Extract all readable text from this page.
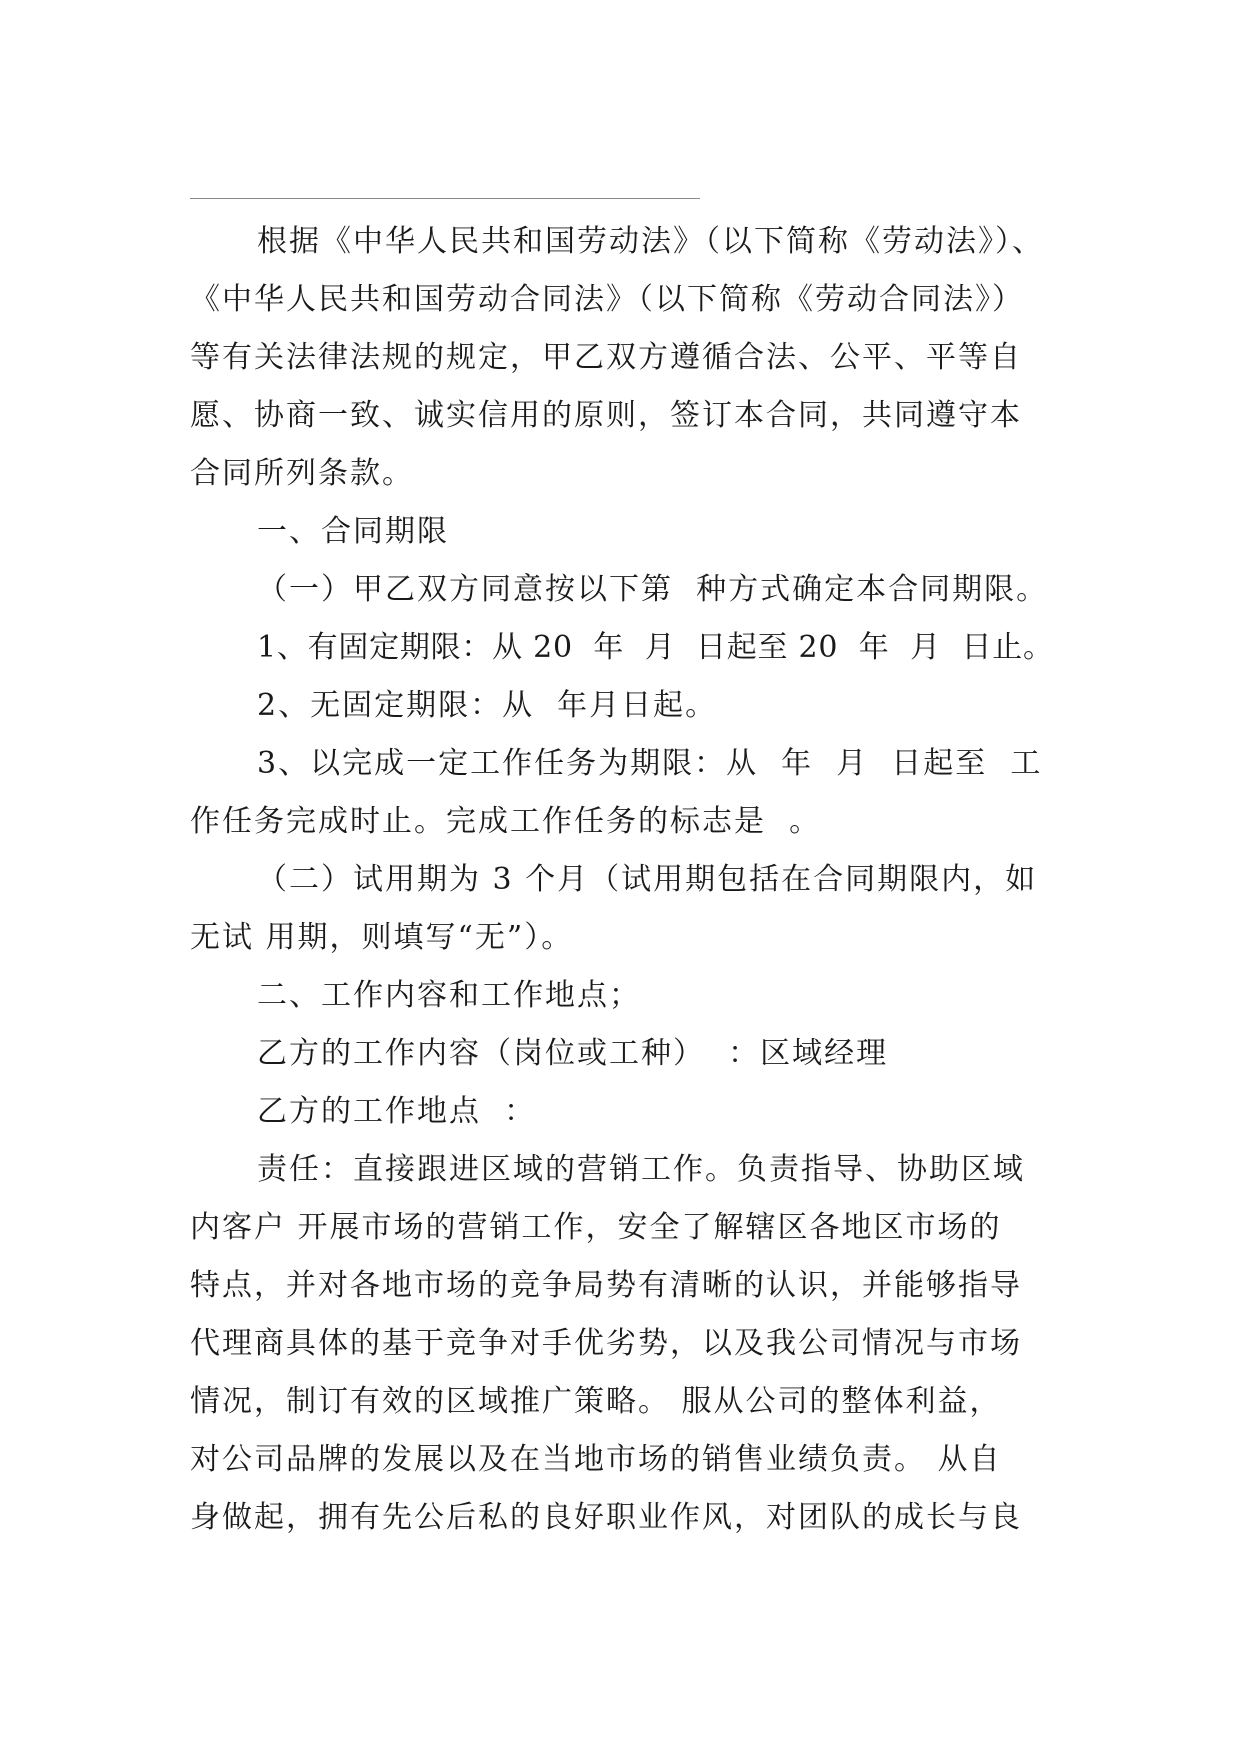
根据《中华人民共和国劳动法》（以下简称《劳动法》）、
《中华人民共和国劳动合同法》（以下简称《劳动合同法》）
等有关法律法规的规定，甲乙双方遵循合法、公平、平等自
愿、协商一致、诚实信用的原则，签订本合同，共同遵守本
合同所列条款。
一、合同期限
（一）甲乙双方同意按以下第  种方式确定本合同期限。
1、有固定期限：从 20  年  月  日起至 20  年  月  日止。
2、无固定期限：从  年月日起。
3、以完成一定工作任务为期限：从  年  月  日起至  工
作任务完成时止。完成工作任务的标志是  。
（二）试用期为 3 个月（试用期包括在合同期限内，如
无试 用期，则填写“无”）。
二、工作内容和工作地点；
乙方的工作内容（岗位或工种）  ：区域经理
乙方的工作地点  ：
责任：直接跟进区域的营销工作。负责指导、协助区域
内客户 开展市场的营销工作，安全了解辖区各地区市场的
特点，并对各地市场的竞争局势有清晰的认识，并能够指导
代理商具体的基于竞争对手优劣势，以及我公司情况与市场
情况，制订有效的区域推广策略。 服从公司的整体利益，
对公司品牌的发展以及在当地市场的销售业绩负责。 从自
身做起，拥有先公后私的良好职业作风，对团队的成长与良
